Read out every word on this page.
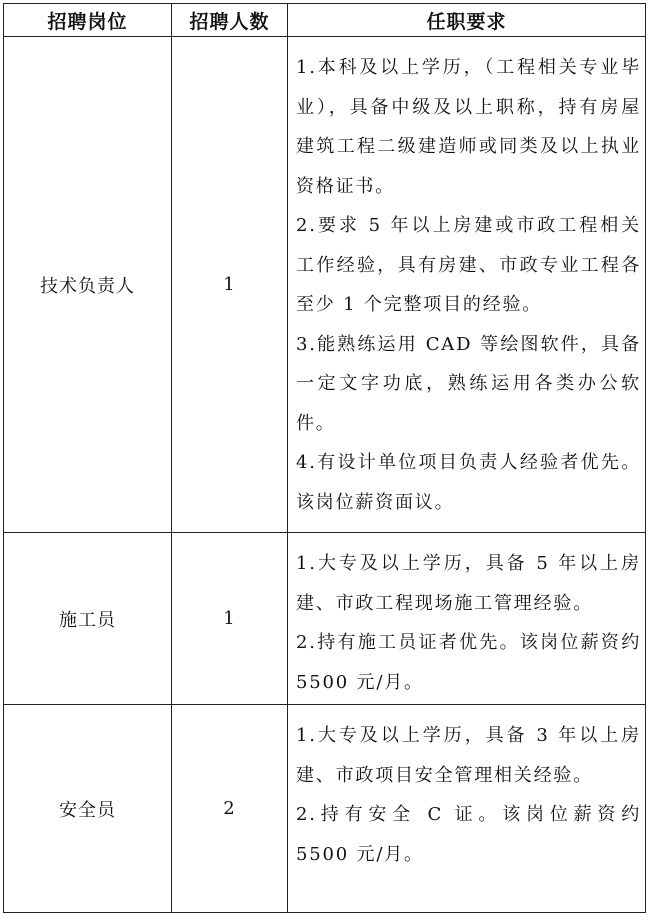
招聘岗位	招聘人数	任职要求
技术负责人	1	1.本科及以上学历，（工程相关专业毕业），具备中级及以上职称，持有房屋建筑工程二级建造师或同类及以上执业资格证书。
2.要求 5 年以上房建或市政工程相关工作经验，具有房建、市政专业工程各至少 1 个完整项目的经验。
3.能熟练运用 CAD 等绘图软件，具备一定文字功底，熟练运用各类办公软件。
4.有设计单位项目负责人经验者优先。该岗位薪资面议。

施工员	1	1.大专及以上学历，具备 5 年以上房建、市政工程现场施工管理经验。
2.持有施工员证者优先。该岗位薪资约 5500 元/月。

安全员	2	1.大专及以上学历，具备 3 年以上房建、市政项目安全管理相关经验。
2.持有安全 C 证。该岗位薪资约 5500 元/月。
